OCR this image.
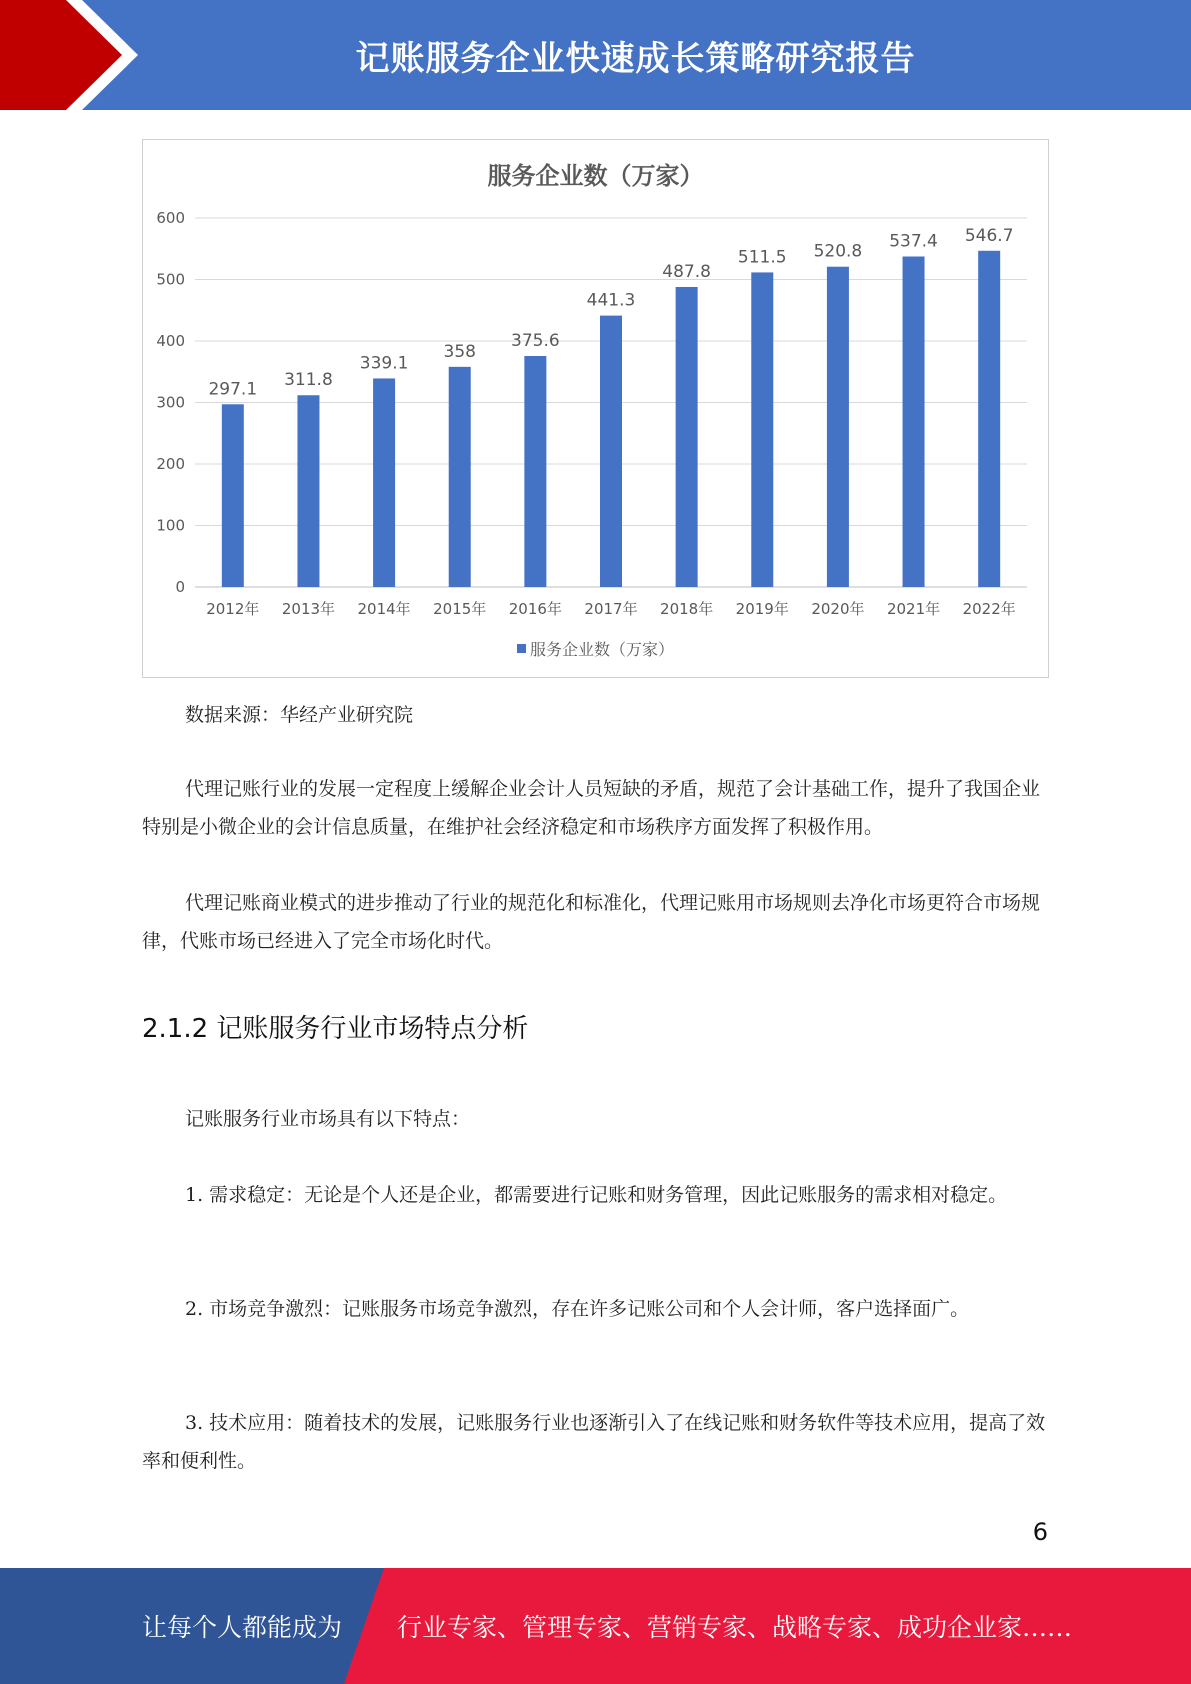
记账服务企业快速成长策略研究报告
0
100
200
300
400
500
600
297.1
2012年
311.8
2013年
339.1
2014年
358
2015年
375.6
2016年
441.3
2017年
487.8
2018年
511.5
2019年
520.8
2020年
537.4
2021年
546.7
2022年
服务企业数（万家）
服务企业数（万家）
数据来源：华经产业研究院

代理记账行业的发展一定程度上缓解企业会计人员短缺的矛盾，规范了会计基础工作，提升了我国企业特别是小微企业的会计信息质量，在维护社会经济稳定和市场秩序方面发挥了积极作用。

代理记账商业模式的进步推动了行业的规范化和标准化，代理记账用市场规则去净化市场更符合市场规律，代账市场已经进入了完全市场化时代。

2.1.2 记账服务行业市场特点分析

记账服务行业市场具有以下特点：

1. 需求稳定：无论是个人还是企业，都需要进行记账和财务管理，因此记账服务的需求相对稳定。

2. 市场竞争激烈：记账服务市场竞争激烈，存在许多记账公司和个人会计师，客户选择面广。

3. 技术应用：随着技术的发展，记账服务行业也逐渐引入了在线记账和财务软件等技术应用，提高了效率和便利性。

6
让每个人都能成为 行业专家、管理专家、营销专家、战略专家、成功企业家……
